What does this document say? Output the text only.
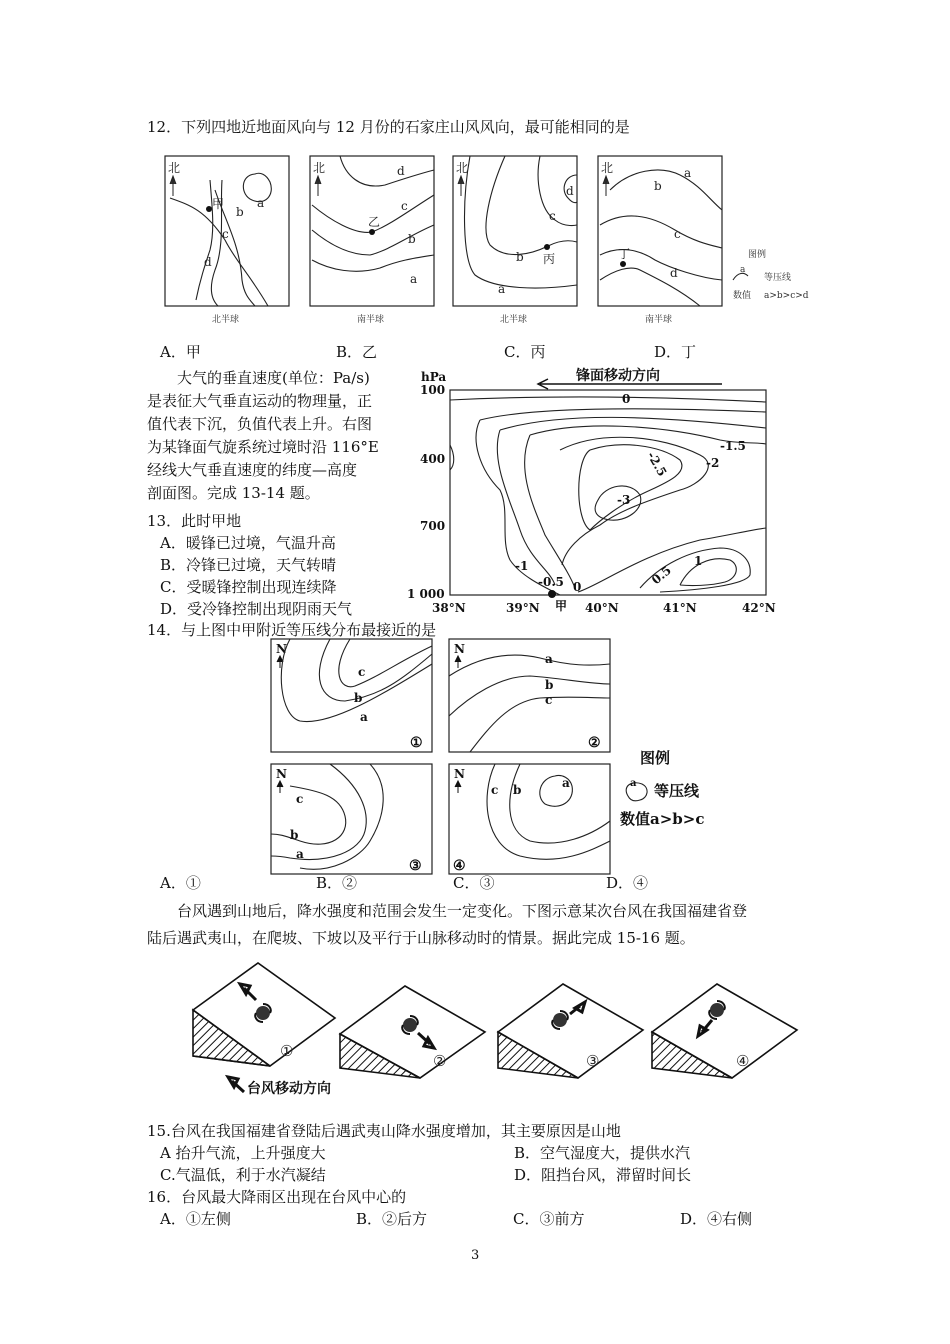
12．下列四地近地面风向与 12 月份的石家庄山风风向，最可能相同的是
北
甲	a
b
c
d
北半球
北
乙
d
c
b
a
南半球
北
丙
d
c
b
a
北半球
北
丁
a
b
c
d
南半球
图例
a
等压线
数值 a>b>c>d
A．甲	B．乙	C．丙	D．丁
大气的垂直速度(单位：Pa/s)
是表征大气垂直运动的物理量，正
值代表下沉，负值代表上升。右图
为某锋面气旋系统过境时沿 116°E
经线大气垂直速度的纬度—高度
剖面图。完成 13-14 题。
13．此时甲地
A．暖锋已过境，气温升高
B．冷锋已过境，天气转晴
C．受暖锋控制出现连续降
D．受冷锋控制出现阴雨天气
hPa	锋面移动方向
100
400
700
1 000
38°N	39°N	40°N	41°N	42°N
0
-1.5
-2
-2.5
-3
-1
-0.5 0	0.5
1
甲
14．与上图中甲附近等压线分布最接近的是
N
c
b
a
①
N
a
b
c
②
N
c
b
a
③
N
c b	a
④
图例
a 等压线
数值a>b>c
A．①	B．②	C．③	D．④
台风遇到山地后，降水强度和范围会发生一定变化。下图示意某次台风在我国福建省登
陆后遇武夷山，在爬坡、下坡以及平行于山脉移动时的情景。据此完成 15-16 题。
①
②	③	④
台风移动方向
15.台风在我国福建省登陆后遇武夷山降水强度增加，其主要原因是山地
A 抬升气流，上升强度大	B．空气湿度大，提供水汽
C.气温低，利于水汽凝结	D．阻挡台风，滞留时间长
16．台风最大降雨区出现在台风中心的
A．①左侧	B．②后方	C．③前方	D．④右侧
3
